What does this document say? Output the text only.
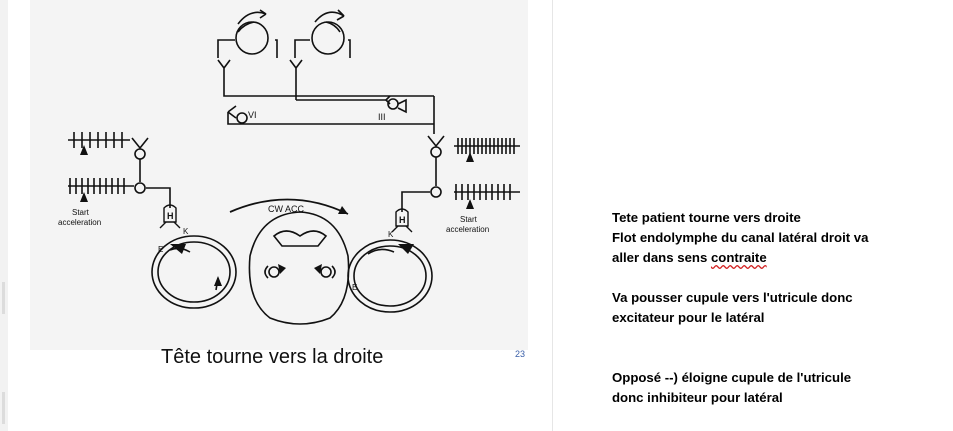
VI	III
Start
acceleration	Start
acceleration
H	H
K	K
CW ACC
E
E
Tête tourne vers la droite	23
Tete patient tourne vers droite
Flot endolymphe du canal latéral droit va
aller dans sens contraite
Va pousser cupule vers l'utricule donc
excitateur pour le latéral
Opposé --) éloigne cupule de l'utricule
donc inhibiteur pour latéral
